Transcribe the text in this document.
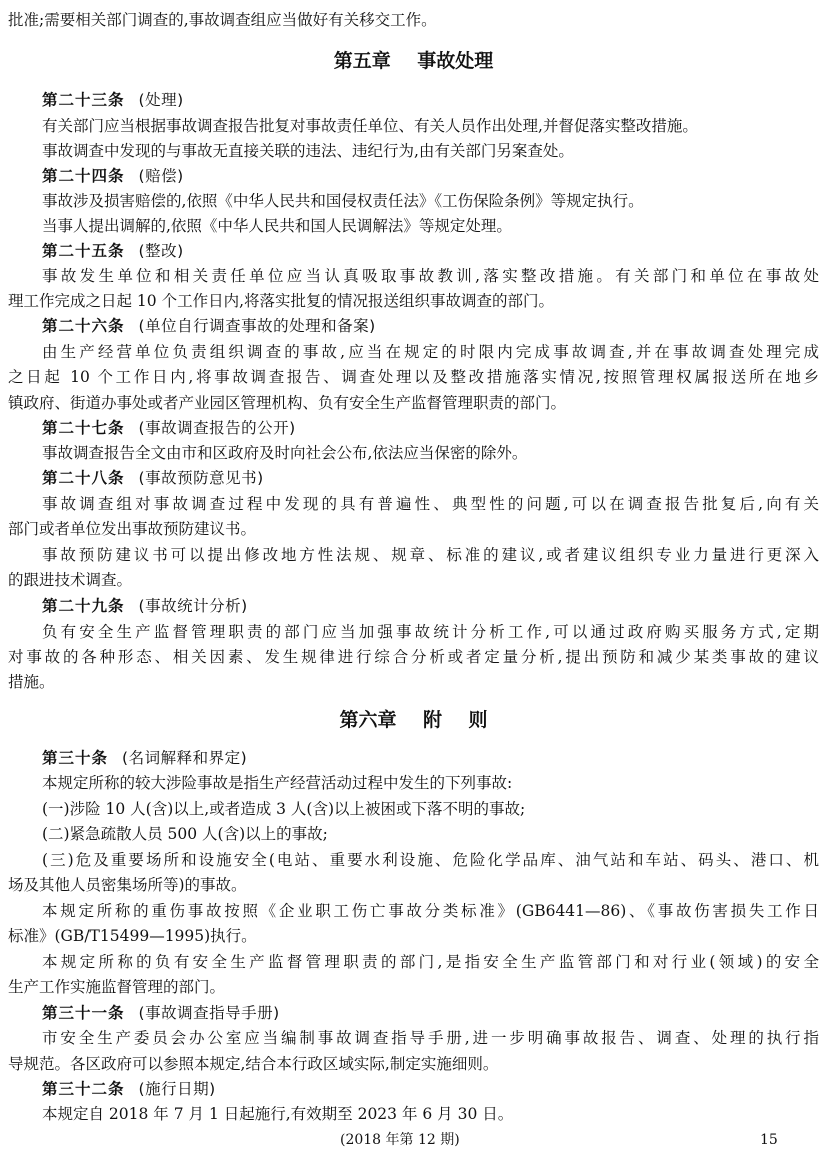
批准;需要相关部门调查的,事故调查组应当做好有关移交工作。
第五章    事故处理
第二十三条 (处理)
有关部门应当根据事故调查报告批复对事故责任单位、有关人员作出处理,并督促落实整改措施。
事故调查中发现的与事故无直接关联的违法、违纪行为,由有关部门另案查处。
第二十四条 (赔偿)
事故涉及损害赔偿的,依照《中华人民共和国侵权责任法》《工伤保险条例》等规定执行。
当事人提出调解的,依照《中华人民共和国人民调解法》等规定处理。
第二十五条 (整改)
事故发生单位和相关责任单位应当认真吸取事故教训,落实整改措施。有关部门和单位在事故处
理工作完成之日起 10 个工作日内,将落实批复的情况报送组织事故调查的部门。
第二十六条 (单位自行调查事故的处理和备案)
由生产经营单位负责组织调查的事故,应当在规定的时限内完成事故调查,并在事故调查处理完成
之日起 10 个工作日内,将事故调查报告、调查处理以及整改措施落实情况,按照管理权属报送所在地乡
镇政府、街道办事处或者产业园区管理机构、负有安全生产监督管理职责的部门。
第二十七条 (事故调查报告的公开)
事故调查报告全文由市和区政府及时向社会公布,依法应当保密的除外。
第二十八条 (事故预防意见书)
事故调查组对事故调查过程中发现的具有普遍性、典型性的问题,可以在调查报告批复后,向有关
部门或者单位发出事故预防建议书。
事故预防建议书可以提出修改地方性法规、规章、标准的建议,或者建议组织专业力量进行更深入
的跟进技术调查。
第二十九条 (事故统计分析)
负有安全生产监督管理职责的部门应当加强事故统计分析工作,可以通过政府购买服务方式,定期
对事故的各种形态、相关因素、发生规律进行综合分析或者定量分析,提出预防和减少某类事故的建议
措施。
第六章    附    则
第三十条 (名词解释和界定)
本规定所称的较大涉险事故是指生产经营活动过程中发生的下列事故:
(一)涉险 10 人(含)以上,或者造成 3 人(含)以上被困或下落不明的事故;
(二)紧急疏散人员 500 人(含)以上的事故;
(三)危及重要场所和设施安全(电站、重要水利设施、危险化学品库、油气站和车站、码头、港口、机
场及其他人员密集场所等)的事故。
本规定所称的重伤事故按照《企业职工伤亡事故分类标准》(GB6441—86)、《事故伤害损失工作日
标准》(GB/T15499—1995)执行。
本规定所称的负有安全生产监督管理职责的部门,是指安全生产监管部门和对行业(领域)的安全
生产工作实施监督管理的部门。
第三十一条 (事故调查指导手册)
市安全生产委员会办公室应当编制事故调查指导手册,进一步明确事故报告、调查、处理的执行指
导规范。各区政府可以参照本规定,结合本行政区域实际,制定实施细则。
第三十二条 (施行日期)
本规定自 2018 年 7 月 1 日起施行,有效期至 2023 年 6 月 30 日。
(2018 年第 12 期)	15
